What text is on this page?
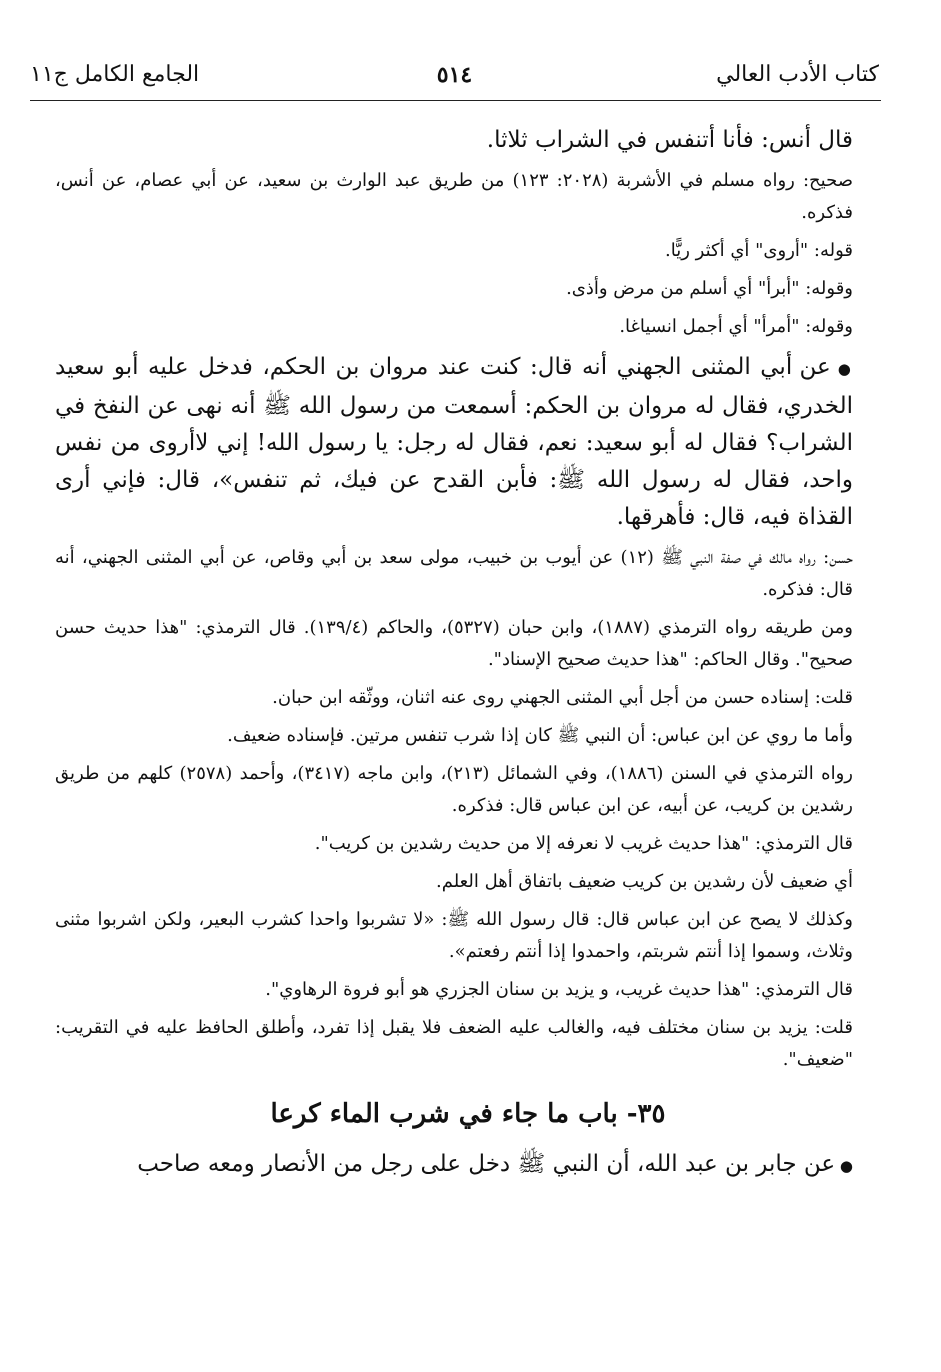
كتاب الأدب العالي
٥١٤
الجامع الكامل ج١١

قال أنس: فأنا أتنفس في الشراب ثلاثا.

صحيح: رواه مسلم في الأشربة (٢٠٢٨: ١٢٣) من طريق عبد الوارث بن سعيد، عن أبي عصام، عن أنس، فذكره.

قوله: "أروى" أي أكثر ريًّا.

وقوله: "أبرأ" أي أسلم من مرض وأذى.

وقوله: "أمرأ" أي أجمل انسياغا.

● عن أبي المثنى الجهني أنه قال: كنت عند مروان بن الحكم، فدخل عليه أبو سعيد الخدري، فقال له مروان بن الحكم: أسمعت من رسول الله ﷺ أنه نهى عن النفخ في الشراب؟ فقال له أبو سعيد: نعم، فقال له رجل: يا رسول الله! إني لاأروى من نفس واحد، فقال له رسول الله ﷺ: فأبن القدح عن فيك، ثم تنفس»، قال: فإني أرى القذاة فيه، قال: فأهرقها.

حسن: رواه مالك في صفة النبي ﷺ (١٢) عن أيوب بن خبيب، مولى سعد بن أبي وقاص، عن أبي المثنى الجهني، أنه قال: فذكره.

ومن طريقه رواه الترمذي (١٨٨٧)، وابن حبان (٥٣٢٧)، والحاكم (١٣٩/٤). قال الترمذي: "هذا حديث حسن صحيح". وقال الحاكم: "هذا حديث صحيح الإسناد".

قلت: إسناده حسن من أجل أبي المثنى الجهني روى عنه اثنان، ووثّقه ابن حبان.

وأما ما روي عن ابن عباس: أن النبي ﷺ كان إذا شرب تنفس مرتين. فإسناده ضعيف.

رواه الترمذي في السنن (١٨٨٦)، وفي الشمائل (٢١٣)، وابن ماجه (٣٤١٧)، وأحمد (٢٥٧٨) كلهم من طريق رشدين بن كريب، عن أبيه، عن ابن عباس قال: فذكره.

قال الترمذي: "هذا حديث غريب لا نعرفه إلا من حديث رشدين بن كريب".

أي ضعيف لأن رشدين بن كريب ضعيف باتفاق أهل العلم.

وكذلك لا يصح عن ابن عباس قال: قال رسول الله ﷺ: «لا تشربوا واحدا كشرب البعير، ولكن اشربوا مثنى وثلاث، وسموا إذا أنتم شربتم، واحمدوا إذا أنتم رفعتم».

قال الترمذي: "هذا حديث غريب، و يزيد بن سنان الجزري هو أبو فروة الرهاوي".

قلت: يزيد بن سنان مختلف فيه، والغالب عليه الضعف فلا يقبل إذا تفرد، وأطلق الحافظ عليه في التقريب: "ضعيف".

٣٥- باب ما جاء في شرب الماء كرعا

● عن جابر بن عبد الله، أن النبي ﷺ دخل على رجل من الأنصار ومعه صاحب
